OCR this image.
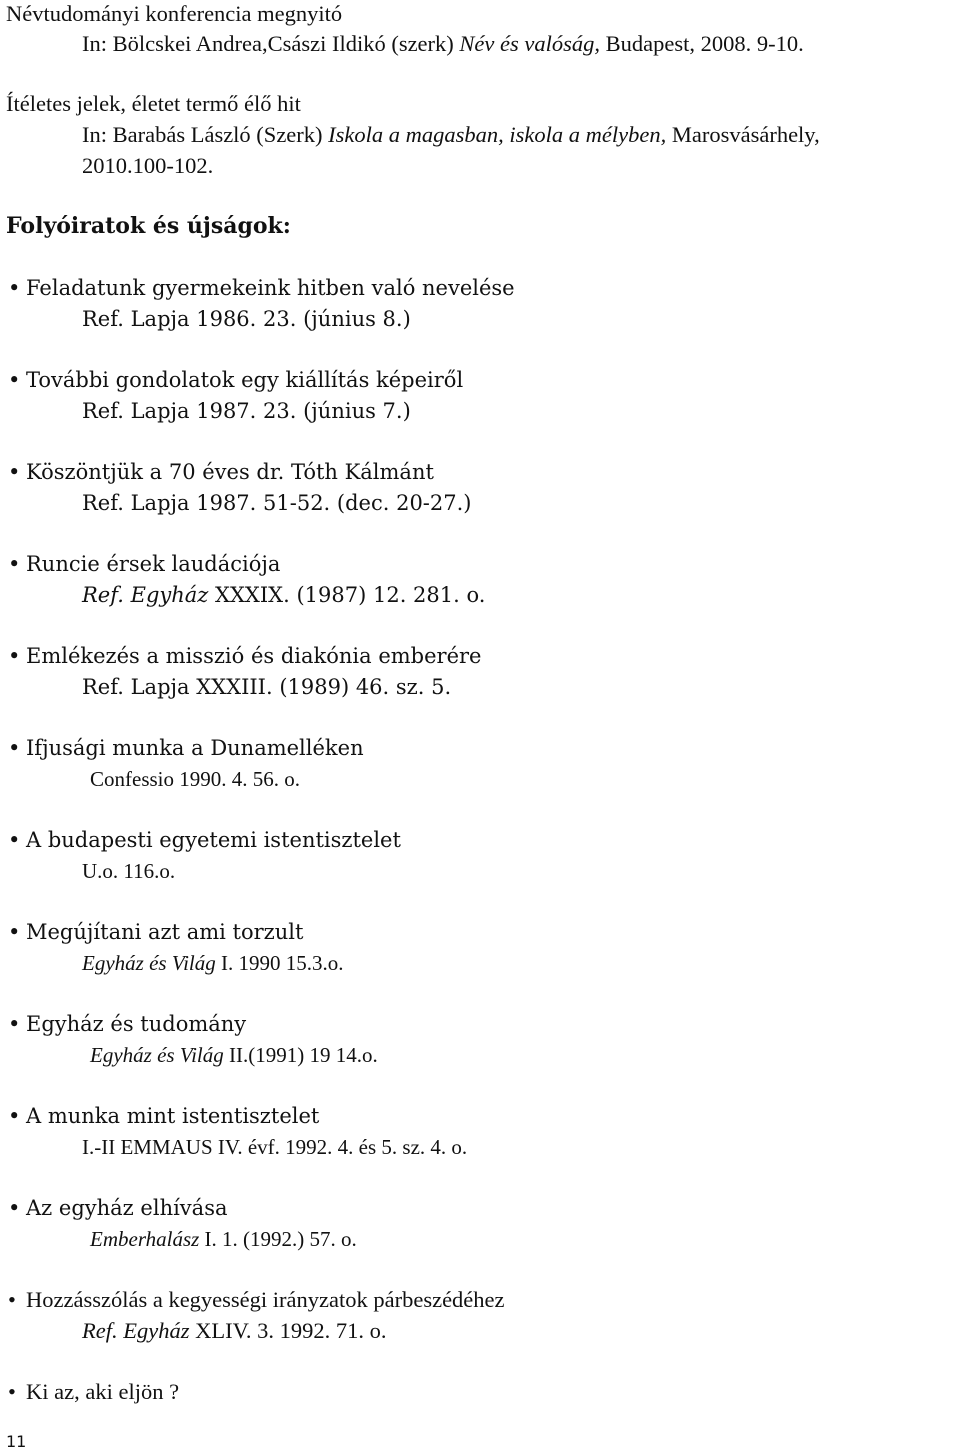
Névtudományi konferencia megnyitó
In: Bölcskei Andrea,Császi Ildikó (szerk) Név és valóság, Budapest, 2008. 9-10.
Ítéletes jelek, életet termő élő hit
In: Barabás László (Szerk) Iskola a magasban, iskola a mélyben, Marosvásárhely,
2010.100-102.
Folyóiratok és újságok:
• Feladatunk gyermekeink hitben való nevelése
Ref. Lapja 1986. 23. (június 8.)
• További gondolatok egy kiállítás képeiről
Ref. Lapja 1987. 23. (június 7.)
• Köszöntjük a 70 éves dr. Tóth Kálmánt
Ref. Lapja 1987. 51-52. (dec. 20-27.)
• Runcie érsek laudációja
Ref. Egyház XXXIX. (1987) 12. 281. o.
• Emlékezés a misszió és diakónia emberére
Ref. Lapja XXXIII. (1989) 46. sz. 5.
• Ifjusági munka a Dunamelléken
Confessio 1990. 4. 56. o.
• A budapesti egyetemi istentisztelet
U.o. 116.o.
• Megújítani azt ami torzult
Egyház és Világ I. 1990 15.3.o.
• Egyház és tudomány
Egyház és Világ II.(1991) 19 14.o.
• A munka mint istentisztelet
I.-II EMMAUS IV. évf. 1992. 4. és 5. sz. 4. o.
• Az egyház elhívása
Emberhalász I. 1. (1992.) 57. o.
• Hozzásszólás a kegyességi irányzatok párbeszédéhez
Ref. Egyház XLIV. 3. 1992. 71. o.
• Ki az, aki eljön ?
11
